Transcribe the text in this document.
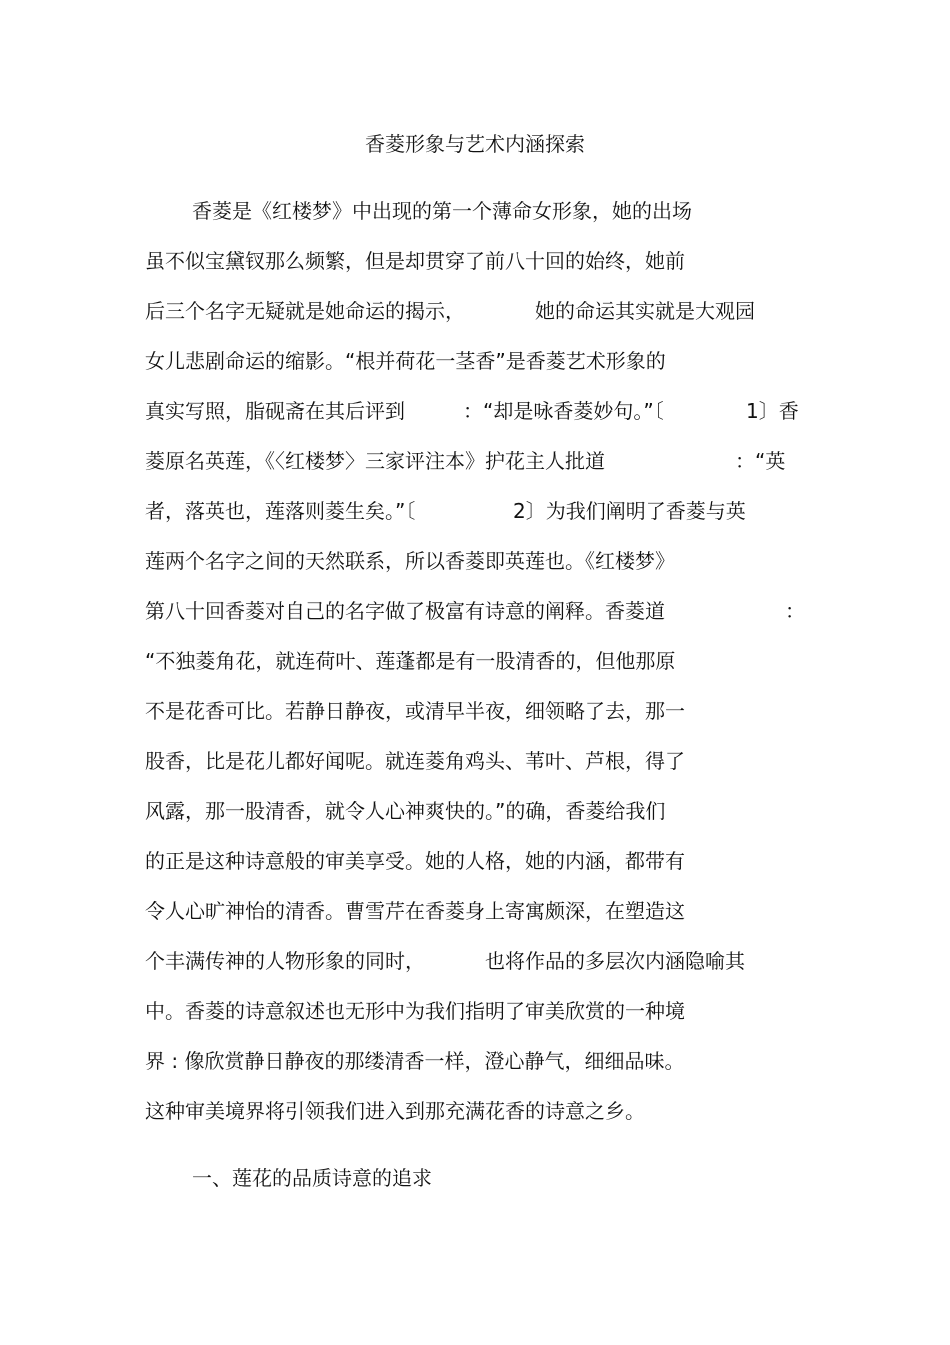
香菱形象与艺术内涵探索
香菱是《红楼梦》中出现的第一个薄命女形象，她的出场
虽不似宝黛钗那么频繁，但是却贯穿了前八十回的始终，她前
后三个名字无疑就是她命运的揭示，	她的命运其实就是大观园
女儿悲剧命运的缩影。“根并荷花一茎香”是香菱艺术形象的
真实写照，脂砚斋在其后评到	：“却是咏香菱妙句。”〔	1〕香
菱原名英莲，《〈红楼梦〉三家评注本》护花主人批道	：“英
者，落英也，莲落则菱生矣。”〔	2〕为我们阐明了香菱与英
莲两个名字之间的天然联系，所以香菱即英莲也。《红楼梦》
第八十回香菱对自己的名字做了极富有诗意的阐释。香菱道	：
“不独菱角花，就连荷叶、莲蓬都是有一股清香的，但他那原
不是花香可比。若静日静夜，或清早半夜，细领略了去，那一
股香，比是花儿都好闻呢。就连菱角鸡头、苇叶、芦根，得了
风露，那一股清香，就令人心神爽快的。”的确，香菱给我们
的正是这种诗意般的审美享受。她的人格，她的内涵，都带有
令人心旷神怡的清香。曹雪芹在香菱身上寄寓颇深，在塑造这
个丰满传神的人物形象的同时，	也将作品的多层次内涵隐喻其
中。香菱的诗意叙述也无形中为我们指明了审美欣赏的一种境
界 : 像欣赏静日静夜的那缕清香一样，澄心静气，细细品味。
这种审美境界将引领我们进入到那充满花香的诗意之乡。
一、莲花的品质诗意的追求
